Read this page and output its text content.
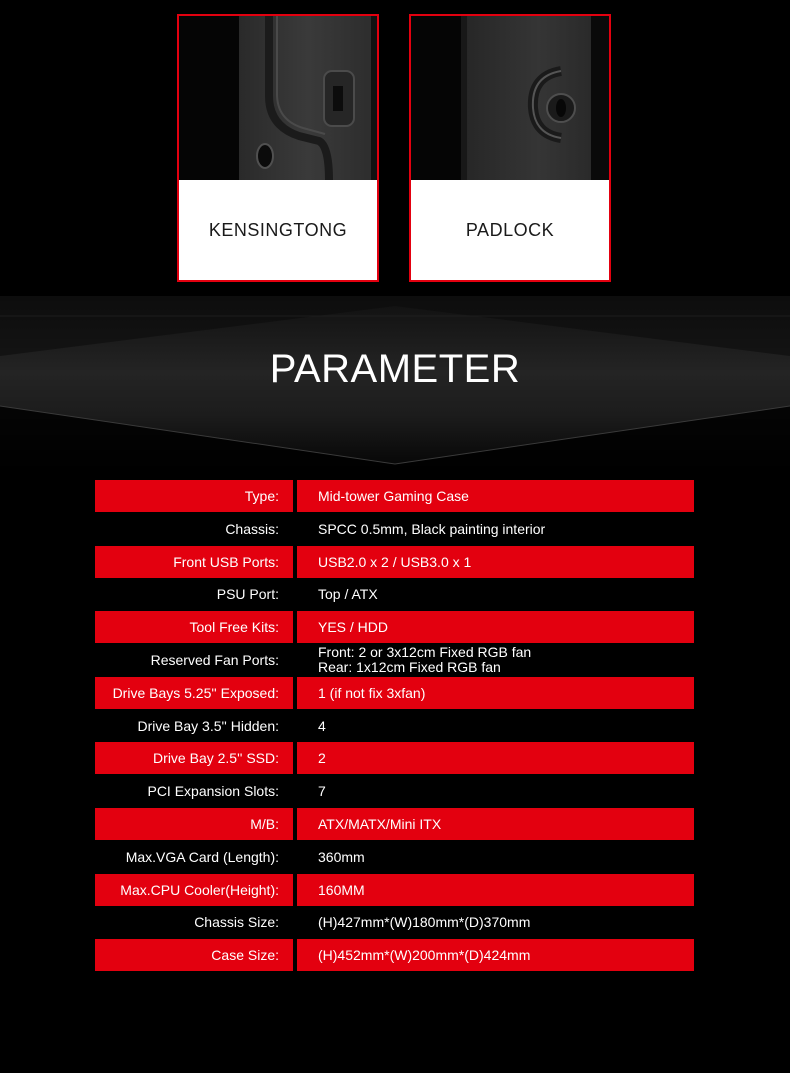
KENSINGTONG	PADLOCK
PARAMETER
Type:	Mid-tower Gaming Case
Chassis:	SPCC 0.5mm, Black painting interior
Front USB Ports:	USB2.0 x 2 / USB3.0 x 1
PSU Port:	Top / ATX
Tool Free Kits:	YES / HDD
Reserved Fan Ports:	Front: 2 or 3x12cm Fixed RGB fan
Rear: 1x12cm Fixed RGB fan
Drive Bays 5.25'' Exposed:	1 (if not fix 3xfan)
Drive Bay 3.5'' Hidden:	4
Drive Bay 2.5'' SSD:	2
PCI Expansion Slots:	7
M/B:	ATX/MATX/Mini ITX
Max.VGA Card (Length):	360mm
Max.CPU Cooler(Height):	160MM
Chassis Size:	(H)427mm*(W)180mm*(D)370mm
Case Size:	(H)452mm*(W)200mm*(D)424mm
